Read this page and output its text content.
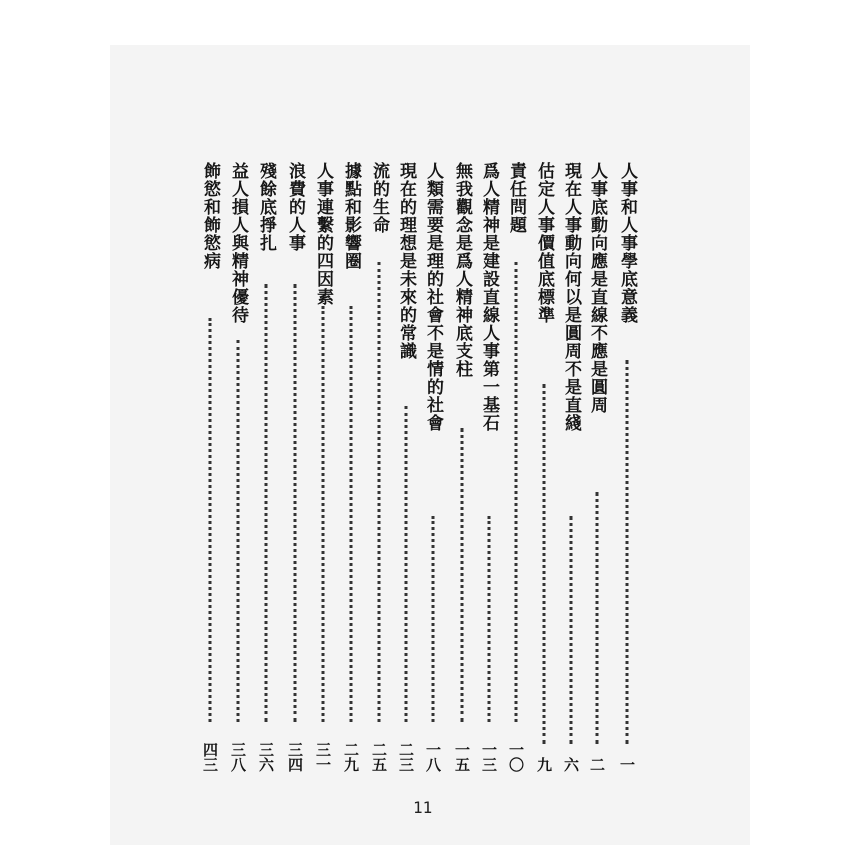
人事和人事學底意義
一
人事底動向應是直線不應是圓周
二
現在人事動向何以是圓周不是直綫
六
估定人事價值底標準
九
責任問題
一〇
爲人精神是建設直線人事第一基石
一三
無我觀念是爲人精神底支柱
一五
人類需要是理的社會不是情的社會
一八
現在的理想是未來的常識
二三
流的生命
二五
據點和影響圈
二九
人事連繫的四因素
三一
浪費的人事
三四
殘餘底掙扎
三六
益人損人與精神優待
三八
飾慾和飾慾病
四三
11
